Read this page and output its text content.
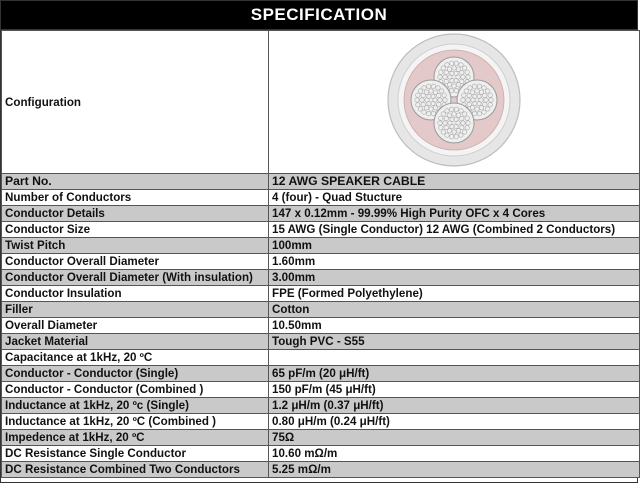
SPECIFICATION
Configuration	
Part No.	12 AWG SPEAKER CABLE
Number of Conductors	4 (four) - Quad Stucture
Conductor Details	147 x 0.12mm - 99.99% High Purity OFC x 4 Cores
Conductor Size	15 AWG (Single Conductor) 12 AWG (Combined 2 Conductors)
Twist Pitch	100mm
Conductor Overall Diameter	1.60mm
Conductor Overall Diameter (With insulation)	3.00mm
Conductor Insulation	FPE (Formed Polyethylene)
Filler	Cotton
Overall Diameter	10.50mm
Jacket Material	Tough PVC - S55
Capacitance at 1kHz, 20 ºC	
Conductor - Conductor (Single)	65 pF/m (20 μH/ft)
Conductor - Conductor (Combined )	150 pF/m (45 μH/ft)
Inductance at 1kHz, 20 ºc (Single)	1.2 μH/m (0.37 μH/ft)
Inductance at 1kHz, 20 ºC (Combined )	0.80 μH/m (0.24 μH/ft)
Impedence at 1kHz, 20 ºC	75Ω
DC Resistance Single Conductor	10.60 mΩ/m
DC Resistance Combined Two Conductors	5.25 mΩ/m
